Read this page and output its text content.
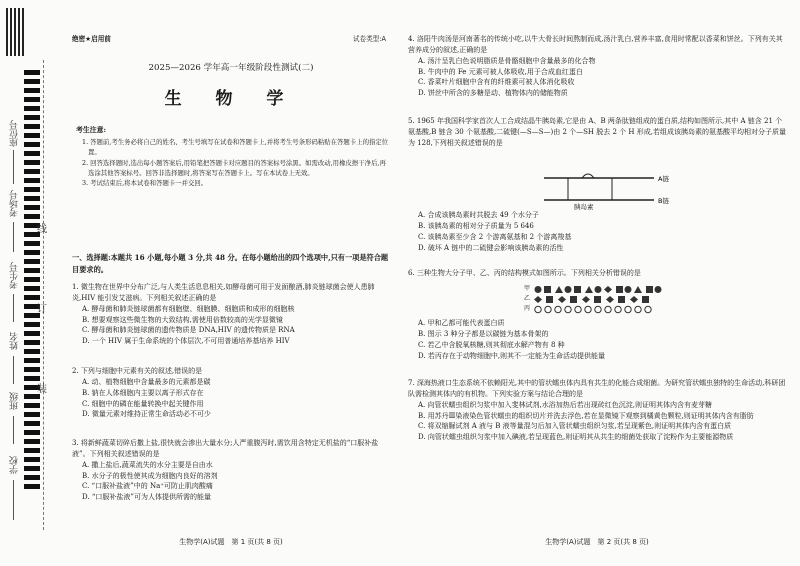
线
订
装
座位号
考场号
考生号
姓名
班级
学校
绝密★启用前	试卷类型:A
2025—2026 学年高一年级阶段性测试(二)
生 物 学
考生注意:

1. 答题前,考生务必将自己的姓名、考生号填写在试卷和答题卡上,并将考生号条形码粘贴在答题卡上的指定位置。

2. 回答选择题时,选出每小题答案后,用铅笔把答题卡对应题目的答案标号涂黑。如需改动,用橡皮擦干净后,再选涂其他答案标号。回答非选择题时,将答案写在答题卡上。写在本试卷上无效。

3. 考试结束后,将本试卷和答题卡一并交回。

一、选择题:本题共 16 小题,每小题 3 分,共 48 分。在每小题给出的四个选项中,只有一项是符合题目要求的。
1. 微生物在世界中分布广泛,与人类生活息息相关,如酵母菌可用于发面酿酒,肺炎链球菌会使人患肺炎,HIV 能引发艾滋病。下列相关叙述正确的是
A. 酵母菌和肺炎链球菌都有细胞壁、细胞膜、细胞质和成形的细胞核
B. 想要观察这些微生物的大致结构,需使用倍数较高的光学显微镜
C. 酵母菌和肺炎链球菌的遗传物质是 DNA,HIV 的遗传物质是 RNA
D. 一个 HIV 属于生命系统的个体层次,不可用普通培养基培养 HIV
2. 下列与细胞中元素有关的叙述,错误的是
A. 动、植物细胞中含量最多的元素都是碳
B. 钠在人体细胞内主要以离子形式存在
C. 细胞中的磷在能量转换中起关键作用
D. 微量元素对维持正常生命活动必不可少
3. 将新鲜蔬菜切碎后撒上盐,很快就会渗出大量水分;人严重腹泻时,需饮用含特定无机盐的“口服补盐液”。下列相关叙述错误的是
A. 撒上盐后,蔬菜流失的水分主要是自由水
B. 水分子的极性使其成为细胞内良好的溶剂
C. “口服补盐液”中的 Na⁺可防止肌肉酸痛
D. “口服补盐液”可为人体提供所需的能量
生物学(A)试题　第 1 页(共 8 页)
4. 洛阳牛肉汤是河南著名的传统小吃,以牛大骨长时间熬制而成,汤汁乳白,营养丰富,食用时常配以香菜和饼丝。下列有关其营养成分的叙述,正确的是
A. 汤汁呈乳白色说明脂质是骨骼细胞中含量最多的化合物
B. 牛肉中的 Fe 元素可被人体吸收,用于合成血红蛋白
C. 香菜叶片细胞中含有的纤维素可被人体消化吸收
D. 饼丝中所含的多糖是动、植物体内的储能物质
5. 1965 年我国科学家首次人工合成结晶牛胰岛素,它是由 A、B 两条肽链组成的蛋白质,结构如图所示,其中 A 链含 21 个氨基酸,B 链含 30 个氨基酸,二硫键(—S—S—)由 2 个—SH 脱去 2 个 H 形成,若组成该胰岛素的氨基酸平均相对分子质量为 128,下列相关叙述错误的是
A链
B链
胰岛素
A. 合成该胰岛素时共脱去 49 个水分子
B. 该胰岛素的相对分子质量为 5 646
C. 该胰岛素至少含 2 个游离氨基和 2 个游离羧基
D. 破坏 A 链中的二硫键会影响该胰岛素的活性
6. 三种生物大分子甲、乙、丙的结构模式如图所示。下列相关分析错误的是
甲
乙
丙
A. 甲和乙都可能代表蛋白质
B. 图示 3 种分子都是以碳链为基本骨架的
C. 若乙中含脱氧核糖,则其彻底水解产物有 8 种
D. 若丙存在于动物细胞中,则其不一定能为生命活动提供能量
7. 深海热液口生态系统不依赖阳光,其中的管状蠕虫体内具有共生的化能合成细菌。为研究管状蠕虫独特的生命活动,科研团队需检测其体内的有机物。下列实验方案与结论合理的是
A. 向管状蠕虫组织匀浆中加入斐林试剂,水浴加热后若出现砖红色沉淀,则证明其体内含有麦芽糖
B. 用苏丹Ⅲ染液染色管状蠕虫的组织切片并洗去浮色,若在显微镜下观察到橘黄色颗粒,则证明其体内含有脂肪
C. 将双缩脲试剂 A 液与 B 液等量混匀后加入管状蠕虫组织匀浆,若呈现紫色,则证明其体内含有蛋白质
D. 向管状蠕虫组织匀浆中加入碘液,若呈现蓝色,则证明其从共生的细菌处获取了淀粉作为主要能源物质
生物学(A)试题　第 2 页(共 8 页)
